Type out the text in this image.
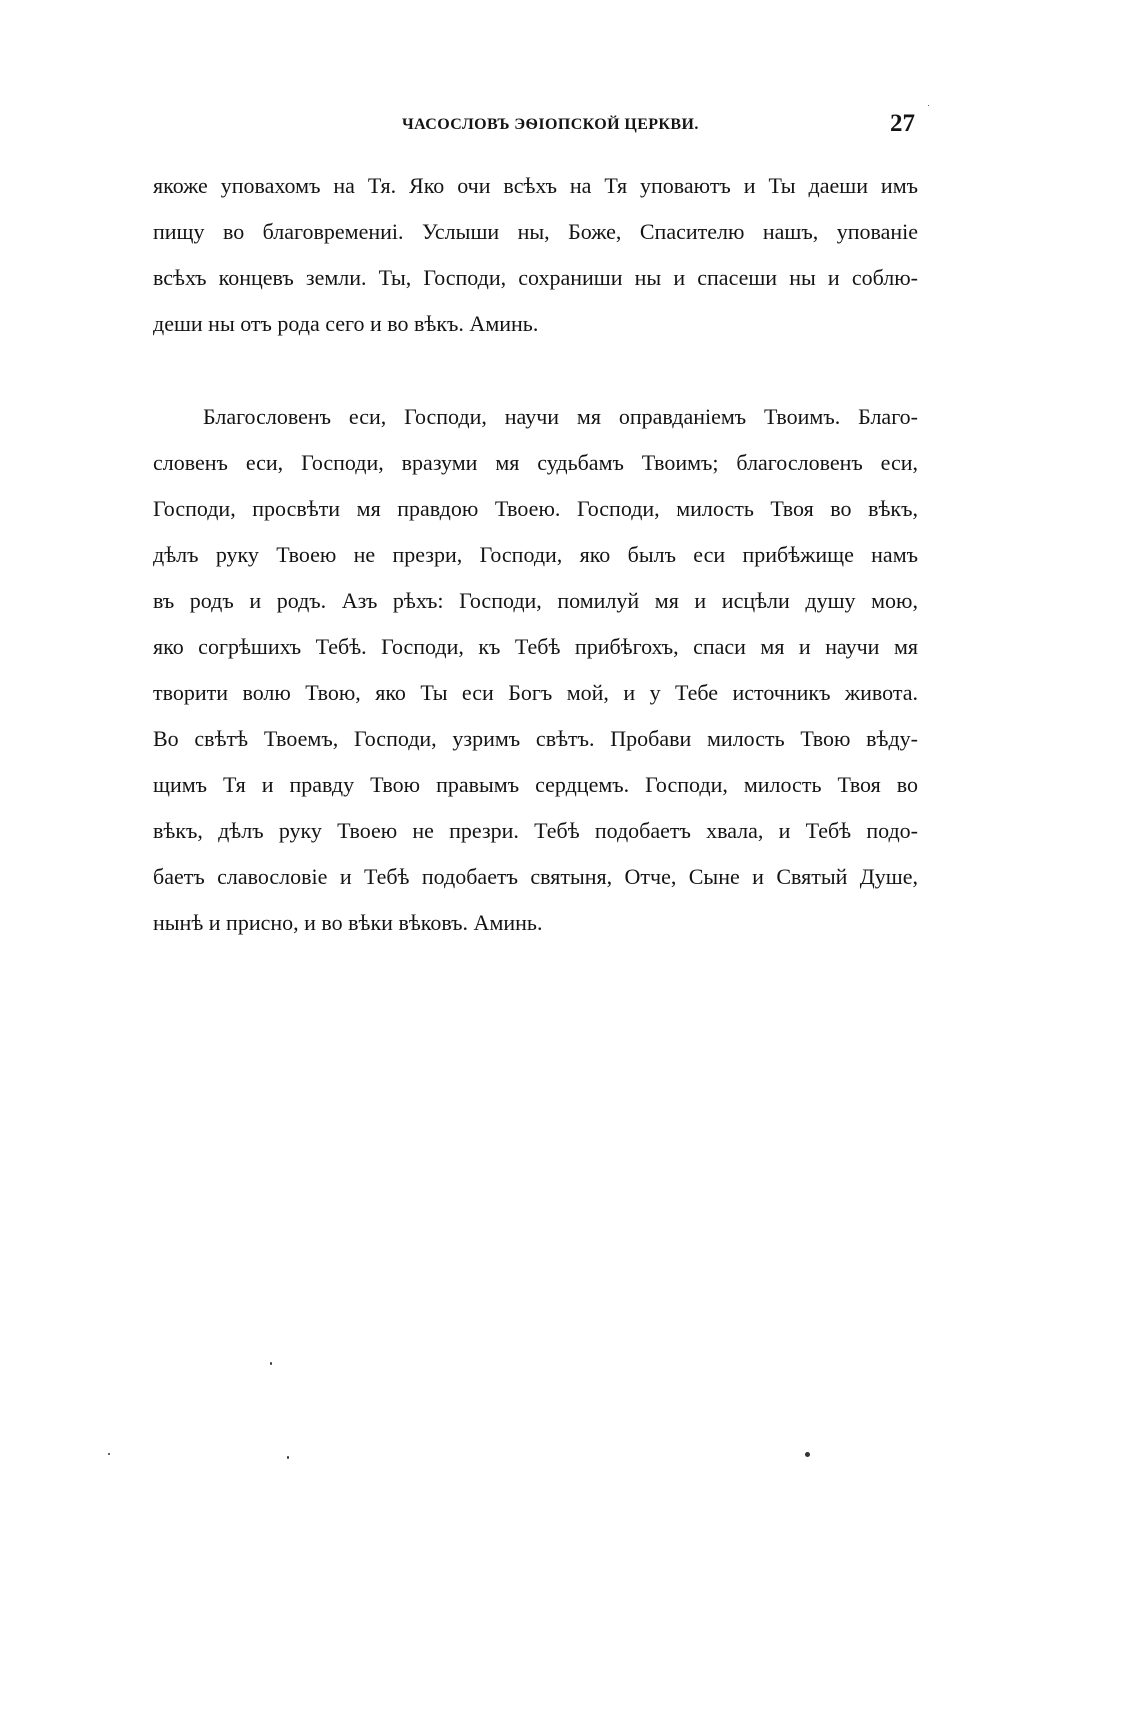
ЧАСОСЛОВЪ ЭѲІОПСКОЙ ЦЕРКВИ.	27
якоже уповахомъ на Тя. Яко очи всѣхъ на Тя уповаютъ и Ты даеши имъ
пищу во благовремениі. Услыши ны, Боже, Спасителю нашъ, упованіе
всѣхъ концевъ земли. Ты, Господи, сохраниши ны и спасеши ны и соблю-
деши ны отъ рода сего и во вѣкъ. Аминь.
Благословенъ еси, Господи, научи мя оправданіемъ Твоимъ. Благо-
словенъ еси, Господи, вразуми мя судьбамъ Твоимъ; благословенъ еси,
Господи, просвѣти мя правдою Твоею. Господи, милость Твоя во вѣкъ,
дѣлъ руку Твоею не презри, Господи, яко былъ еси прибѣжище намъ
въ родъ и родъ. Азъ рѣхъ: Господи, помилуй мя и исцѣли душу мою,
яко согрѣшихъ Тебѣ. Господи, къ Тебѣ прибѣгохъ, спаси мя и научи мя
творити волю Твою, яко Ты еси Богъ мой, и у Тебе источникъ живота.
Во свѣтѣ Твоемъ, Господи, узримъ свѣтъ. Пробави милость Твою вѣду-
щимъ Тя и правду Твою правымъ сердцемъ. Господи, милость Твоя во
вѣкъ, дѣлъ руку Твоею не презри. Тебѣ подобаетъ хвала, и Тебѣ подо-
баетъ славословіе и Тебѣ подобаетъ святыня, Отче, Сыне и Святый Душе,
нынѣ и присно, и во вѣки вѣковъ. Аминь.
